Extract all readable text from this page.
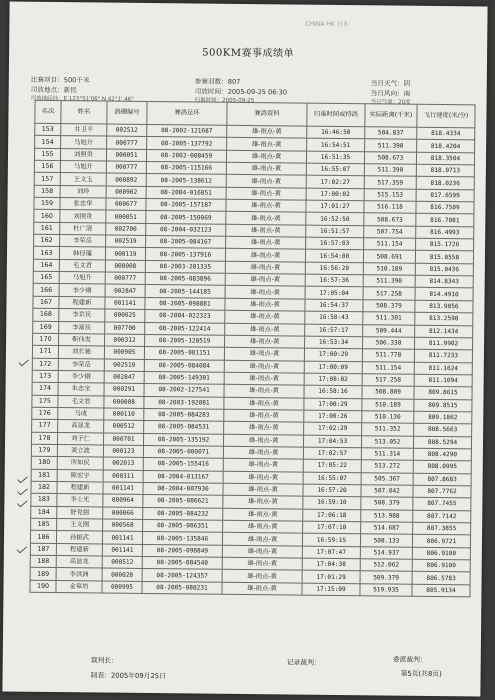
CHINA HK 日本
500KM赛事成绩单
比赛项目：500千米
司放地点：新民
司放地经纬：E 123°51'06" N 42°1' 46"
参赛羽数：807
司放时间：2005-09-25 06:30
归巢时间：2005-09-25
当日天气：阴
当日风向：南
当日气温：20度
名次	姓名	鸽棚编号	赛鸽足环	赛鸽资料	归巢时间或持鸽	实际距离(千米)	飞行速度(米/分)
153	井卫平	002512	08-2002-121687	雄-雨点-黄	16:46:50	504.837	818.4334
154	马旭升	000777	08-2005-137792	雄-雨点-黄	16:54:51	511.390	818.4204
155	刘照贵	000051	08-2002-008459	雄-雨点-黄	16:51:35	508.673	818.3504
156	马旭升	000777	08-2005-115166	雄-雨点-黄	16:55:07	511.390	818.0713
157	王文玉	000892	08-2005-138612	雄-雨点-黄	17:02:27	517.359	818.0236
158	刘玲	000902	08-2004-016851	雄-雨点-黄	17:00:02	515.153	817.6599
159	张忠华	000677	08-2005-157187	雄-雨点-黄	17:01:27	516.118	816.7509
160	刘照贵	000051	08-2005-150069	雄-雨点-黄	16:52:50	508.673	816.7081
161	杜广清	002700	08-2004-032123	雄-雨点-黄	16:51:57	507.754	816.4993
162	李荣岳	002519	08-2005-084167	雄-雨点-黄	16:57:03	511.154	815.1726
163	韩径瑾	000119	08-2005-137916	雄-雨点-黄	16:54:00	508.691	815.0558
164	毛文君	000008	08-2003-201335	雄-雨点-黄	16:56:20	510.189	815.0436
165	马旭升	000777	08-2005-083896	雄-雨点-黄	16:57:36	511.390	814.8343
166	李少钢	002847	08-2005-144185	雄-雨点-黄	17:05:04	517.258	814.4910
167	程建新	001141	08-2005-098881	雄-雨点-黄	16:54:37	508.379	813.9056
168	李京民	000025	08-2004-022323	雄-雨点-黄	16:58:43	511.301	813.2598
169	李富民	007700	08-2005-122414	雄-雨点-黄	16:57:17	509.444	812.1434
170	靳伟发	000312	08-2005-120519	雄-雨点-黄	16:53:34	506.330	811.9902
171	刘长驰	000905	08-2005-081151	雄-雨点-黄	17:00:29	511.778	811.7233
172	李荣岳	002519	08-2005-084084	雄-雨点-黄	17:00:09	511.154	811.1624
173	李少钢	002847	08-2005-149301	雄-雨点-黄	17:08:02	517.258	811.1094
174	朱志宝	000291	08-2002-127541	雄-雨点-黄	16:58:16	508.809	809.8615
175	毛文君	000008	08-2003-192081	雄-雨点-黄	17:00:29	510.189	809.8515
176	马成	000110	08-2005-084283	雄-雨点-黄	17:00:26	510.130	809.1862
177	高显龙	000512	08-2005-084531	雄-雨点-黄	17:02:29	511.352	808.5663
178	刘子仁	000701	08-2005-135192	雄-雨点-黄	17:04:53	513.052	808.5294
179	姜立波	000123	08-2005-080071	雄-雨点-黄	17:02:57	511.314	808.4290
180	所如民	002013	08-2005-155416	雄-雨点-黄	17:05:22	513.272	808.0995
181	陈宏宇	000311	08-2004-013167	雄-雨点-黄	16:55:07	505.367	807.8683
182	程建新	001141	08-2004-007930	雄-雨点-黄	16:57:20	507.042	807.7762
183	李士光	000964	08-2005-086621	雄-雨点-黄	16:59:10	508.379	807.7455
184	舒党强	000066	08-2005-084232	雄-雨点-黄	17:06:18	513.988	807.7142
185	王义刚	000568	08-2005-086351	雄-雨点-黄	17:07:10	514.687	807.3855
186	孙振武	001141	08-2005-135846	雄-雨点-黄	16:59:15	508.133	806.9721
187	程建新	001141	08-2005-098849	雄-雨点-黄	17:07:47	514.937	806.9100
188	高显龙	000512	08-2005-084540	雄-雨点-黄	17:04:38	512.062	806.9100
189	李洪洲	000028	08-2005-124357	雄-雨点-黄	17:01:29	509.379	806.5783
190	金章培	000995	08-2005-080231	雄-雨点-黄	17:15:09	519.935	805.9134
裁判长：	记录裁判：	委派裁判：
制表：2005年09月25日	第5页(共8页)
